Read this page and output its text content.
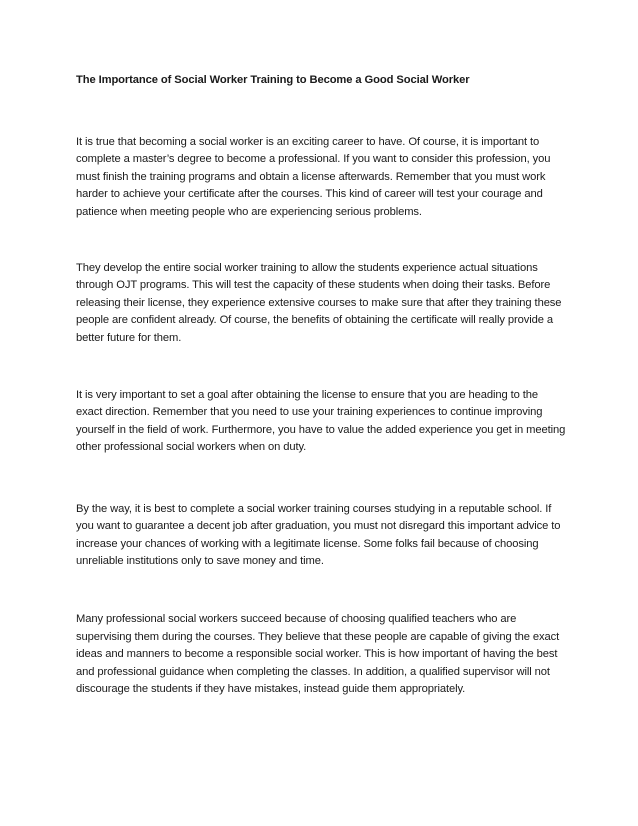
The Importance of Social Worker Training to Become a Good Social Worker

It is true that becoming a social worker is an exciting career to have. Of course, it is important to complete a master’s degree to become a professional. If you want to consider this profession, you must finish the training programs and obtain a license afterwards. Remember that you must work harder to achieve your certificate after the courses. This kind of career will test your courage and patience when meeting people who are experiencing serious problems.

They develop the entire social worker training to allow the students experience actual situations through OJT programs. This will test the capacity of these students when doing their tasks. Before releasing their license, they experience extensive courses to make sure that after they training these people are confident already. Of course, the benefits of obtaining the certificate will really provide a better future for them.

It is very important to set a goal after obtaining the license to ensure that you are heading to the exact direction. Remember that you need to use your training experiences to continue improving yourself in the field of work. Furthermore, you have to value the added experience you get in meeting other professional social workers when on duty.

By the way, it is best to complete a social worker training courses studying in a reputable school. If you want to guarantee a decent job after graduation, you must not disregard this important advice to increase your chances of working with a legitimate license. Some folks fail because of choosing unreliable institutions only to save money and time.

Many professional social workers succeed because of choosing qualified teachers who are supervising them during the courses. They believe that these people are capable of giving the exact ideas and manners to become a responsible social worker. This is how important of having the best and professional guidance when completing the classes. In addition, a qualified supervisor will not discourage the students if they have mistakes, instead guide them appropriately.
